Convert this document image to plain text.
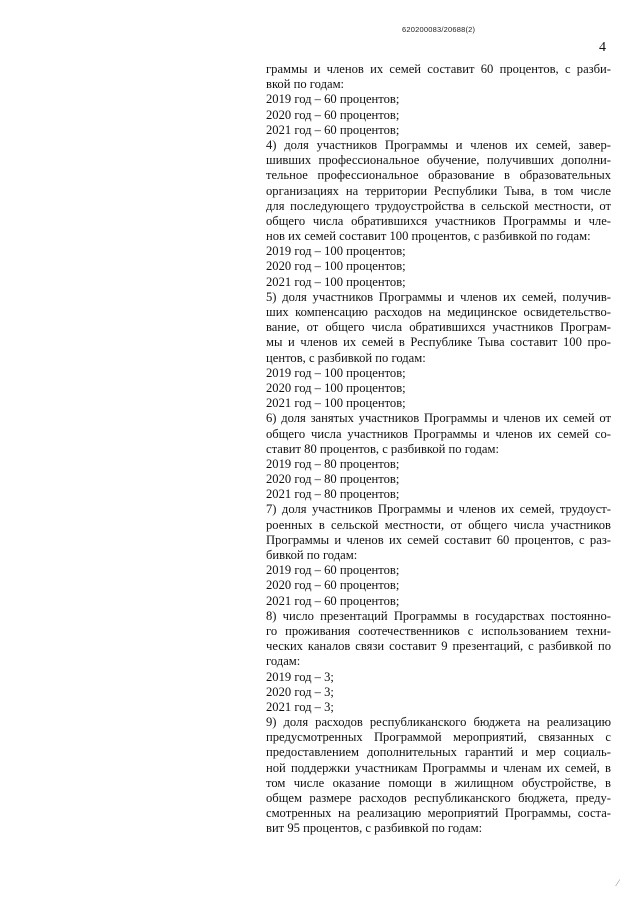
620200083/20688(2)
4
граммы и членов их семей составит 60 процентов, с разби-
вкой по годам:
2019 год – 60 процентов;
2020 год – 60 процентов;
2021 год – 60 процентов;
4) доля участников Программы и членов их семей, завер-
шивших профессиональное обучение, получивших дополни-
тельное профессиональное образование в образовательных
организациях на территории Республики Тыва, в том числе
для последующего трудоустройства в сельской местности, от
общего числа обратившихся участников Программы и чле-
нов их семей составит 100 процентов, с разбивкой по годам:
2019 год – 100 процентов;
2020 год – 100 процентов;
2021 год – 100 процентов;
5) доля участников Программы и членов их семей, получив-
ших компенсацию расходов на медицинское освидетельство-
вание, от общего числа обратившихся участников Програм-
мы и членов их семей в Республике Тыва составит 100 про-
центов, с разбивкой по годам:
2019 год – 100 процентов;
2020 год – 100 процентов;
2021 год – 100 процентов;
6) доля занятых участников Программы и членов их семей от
общего числа участников Программы и членов их семей со-
ставит 80 процентов, с разбивкой по годам:
2019 год – 80 процентов;
2020 год – 80 процентов;
2021 год – 80 процентов;
7) доля участников Программы и членов их семей, трудоуст-
роенных в сельской местности, от общего числа участников
Программы и членов их семей составит 60 процентов, с раз-
бивкой по годам:
2019 год – 60 процентов;
2020 год – 60 процентов;
2021 год – 60 процентов;
8) число презентаций Программы в государствах постоянно-
го проживания соотечественников с использованием техни-
ческих каналов связи составит 9 презентаций, с разбивкой по
годам:
2019 год – 3;
2020 год – 3;
2021 год – 3;
9) доля расходов республиканского бюджета на реализацию
предусмотренных Программой мероприятий, связанных с
предоставлением дополнительных гарантий и мер социаль-
ной поддержки участникам Программы и членам их семей, в
том числе оказание помощи в жилищном обустройстве, в
общем размере расходов республиканского бюджета, преду-
смотренных на реализацию мероприятий Программы, соста-
вит 95 процентов, с разбивкой по годам:
⁄
